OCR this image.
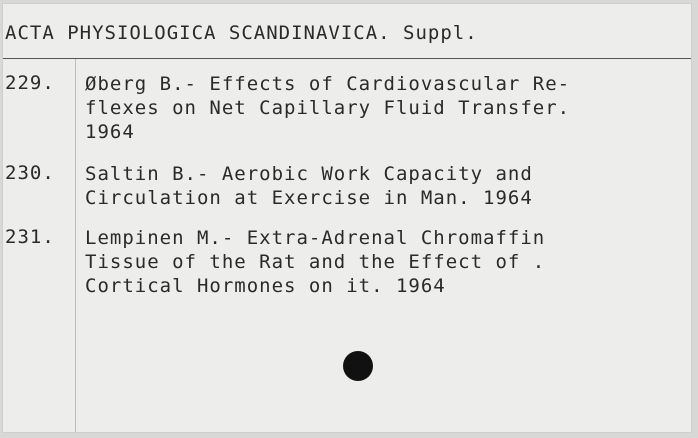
ACTA PHYSIOLOGICA SCANDINAVICA. Suppl.
229. Øberg B.- Effects of Cardiovascular Re-
flexes on Net Capillary Fluid Transfer.
1964
230. Saltin B.- Aerobic Work Capacity and
Circulation at Exercise in Man. 1964
231. Lempinen M.- Extra-Adrenal Chromaffin
Tissue of the Rat and the Effect of .
Cortical Hormones on it. 1964
